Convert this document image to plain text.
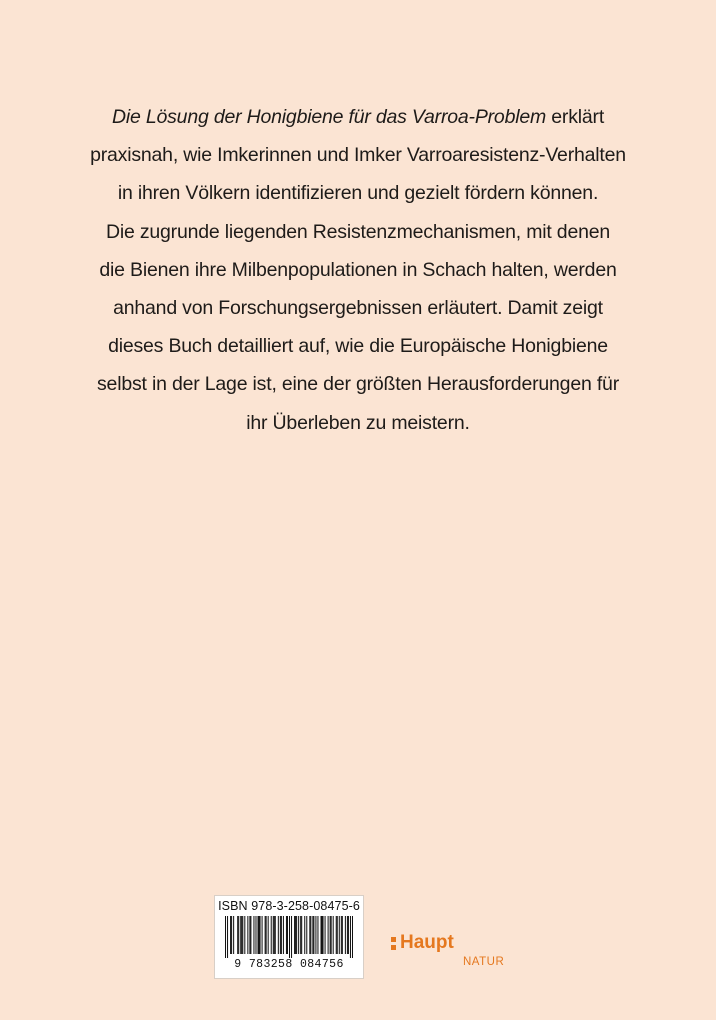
Die Lösung der Honigbiene für das Varroa-Problem erklärt
praxisnah, wie Imkerinnen und Imker Varroaresistenz-Verhalten
in ihren Völkern identifizieren und gezielt fördern können.
Die zugrunde liegenden Resistenzmechanismen, mit denen
die Bienen ihre Milbenpopulationen in Schach halten, werden
anhand von Forschungsergebnissen erläutert. Damit zeigt
dieses Buch detailliert auf, wie die Europäische Honigbiene
selbst in der Lage ist, eine der größten Herausforderungen für
ihr Überleben zu meistern.
ISBN 978-3-258-08475-6
9 783258 084756
Haupt
NATUR
